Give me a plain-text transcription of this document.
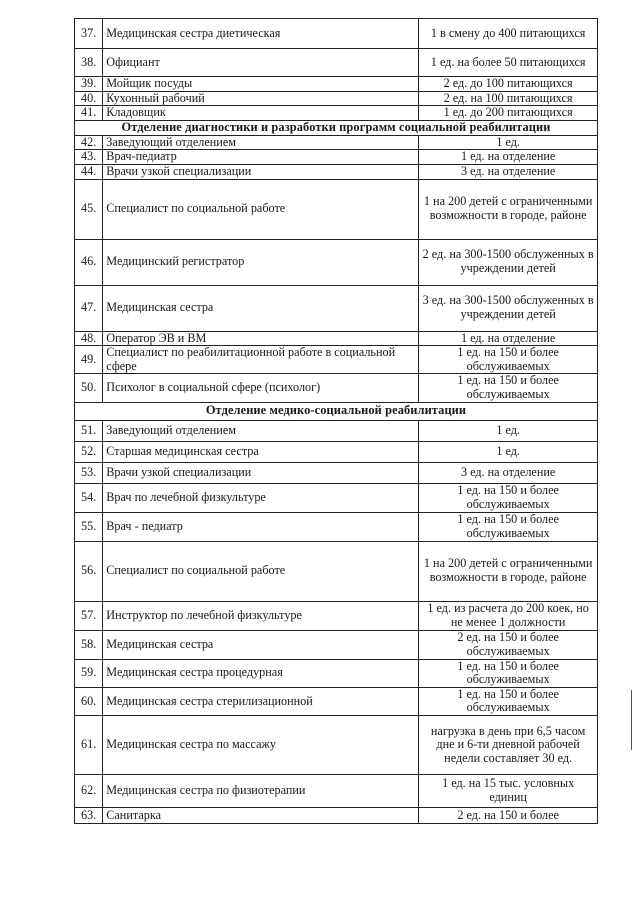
37.	Медицинская сестра диетическая	1 в смену до 400 питающихся
38.	Официант	1 ед. на более 50 питающихся
39.	Мойщик посуды	2 ед. до 100 питающихся
40.	Кухонный рабочий	2 ед. на 100 питающихся
41.	Кладовщик	1 ед. до 200 питающихся
Отделение диагностики и разработки программ социальной реабилитации		
42.	Заведующий отделением	1 ед.
43.	Врач-педиатр	1 ед. на отделение
44.	Врачи узкой специализации	3 ед. на отделение
45.	Специалист по социальной работе	1 на 200 детей с ограниченными возможности в городе, районе
46.	Медицинский регистратор	2 ед. на 300-1500 обслуженных в учреждении детей
47.	Медицинская сестра	3 ед. на 300-1500 обслуженных в учреждении детей
48.	Оператор ЭВ и ВМ	1 ед. на отделение
49.	Специалист по реабилитационной работе в социальной сфере	1 ед. на 150 и более обслуживаемых
50.	Психолог в социальной сфере (психолог)	1 ед. на 150 и более обслуживаемых
Отделение медико-социальной реабилитации		
51.	Заведующий отделением	1 ед.
52.	Старшая медицинская сестра	1 ед.
53.	Врачи узкой специализации	3 ед. на отделение
54.	Врач по лечебной физкультуре	1 ед. на 150 и более обслуживаемых
55.	Врач - педиатр	1 ед. на 150 и более обслуживаемых
56.	Специалист по социальной работе	1 на 200 детей с ограниченными возможности в городе, районе
57.	Инструктор по лечебной физкультуре	1 ед. из расчета до 200 коек, но не менее 1 должности
58.	Медицинская сестра	2 ед. на 150 и более обслуживаемых
59.	Медицинская сестра процедурная	1 ед. на 150 и более обслуживаемых
60.	Медицинская сестра стерилизационной	1 ед. на 150 и более обслуживаемых
61.	Медицинская сестра по массажу	нагрузка в день при 6,5 часом дне и 6-ти дневной рабочей недели составляет 30 ед.
62.	Медицинская сестра по физиотерапии	1 ед. на 15 тыс. условных единиц
63.	Санитарка	2 ед. на 150 и более
